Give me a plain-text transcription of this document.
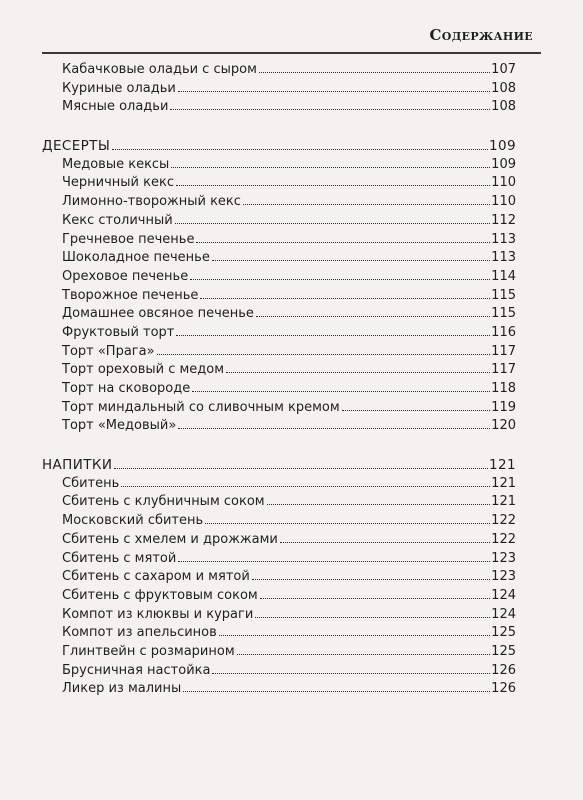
Содержание
Кабачковые оладьи с сыром	107
Куриные оладьи	108
Мясные оладьи	108
ДЕСЕРТЫ	109
Медовые кексы	109
Черничный кекс	110
Лимонно-творожный кекс	110
Кекс столичный	112
Гречневое печенье	113
Шоколадное печенье	113
Ореховое печенье	114
Творожное печенье	115
Домашнее овсяное печенье	115
Фруктовый торт	116
Торт «Прага»	117
Торт ореховый с медом	117
Торт на сковороде	118
Торт миндальный со сливочным кремом	119
Торт «Медовый»	120
НАПИТКИ	121
Сбитень	121
Сбитень с клубничным соком	121
Московский сбитень	122
Сбитень с хмелем и дрожжами	122
Сбитень с мятой	123
Сбитень с сахаром и мятой	123
Сбитень с фруктовым соком	124
Компот из клюквы и кураги	124
Компот из апельсинов	125
Глинтвейн с розмарином	125
Брусничная настойка	126
Ликер из малины	126
